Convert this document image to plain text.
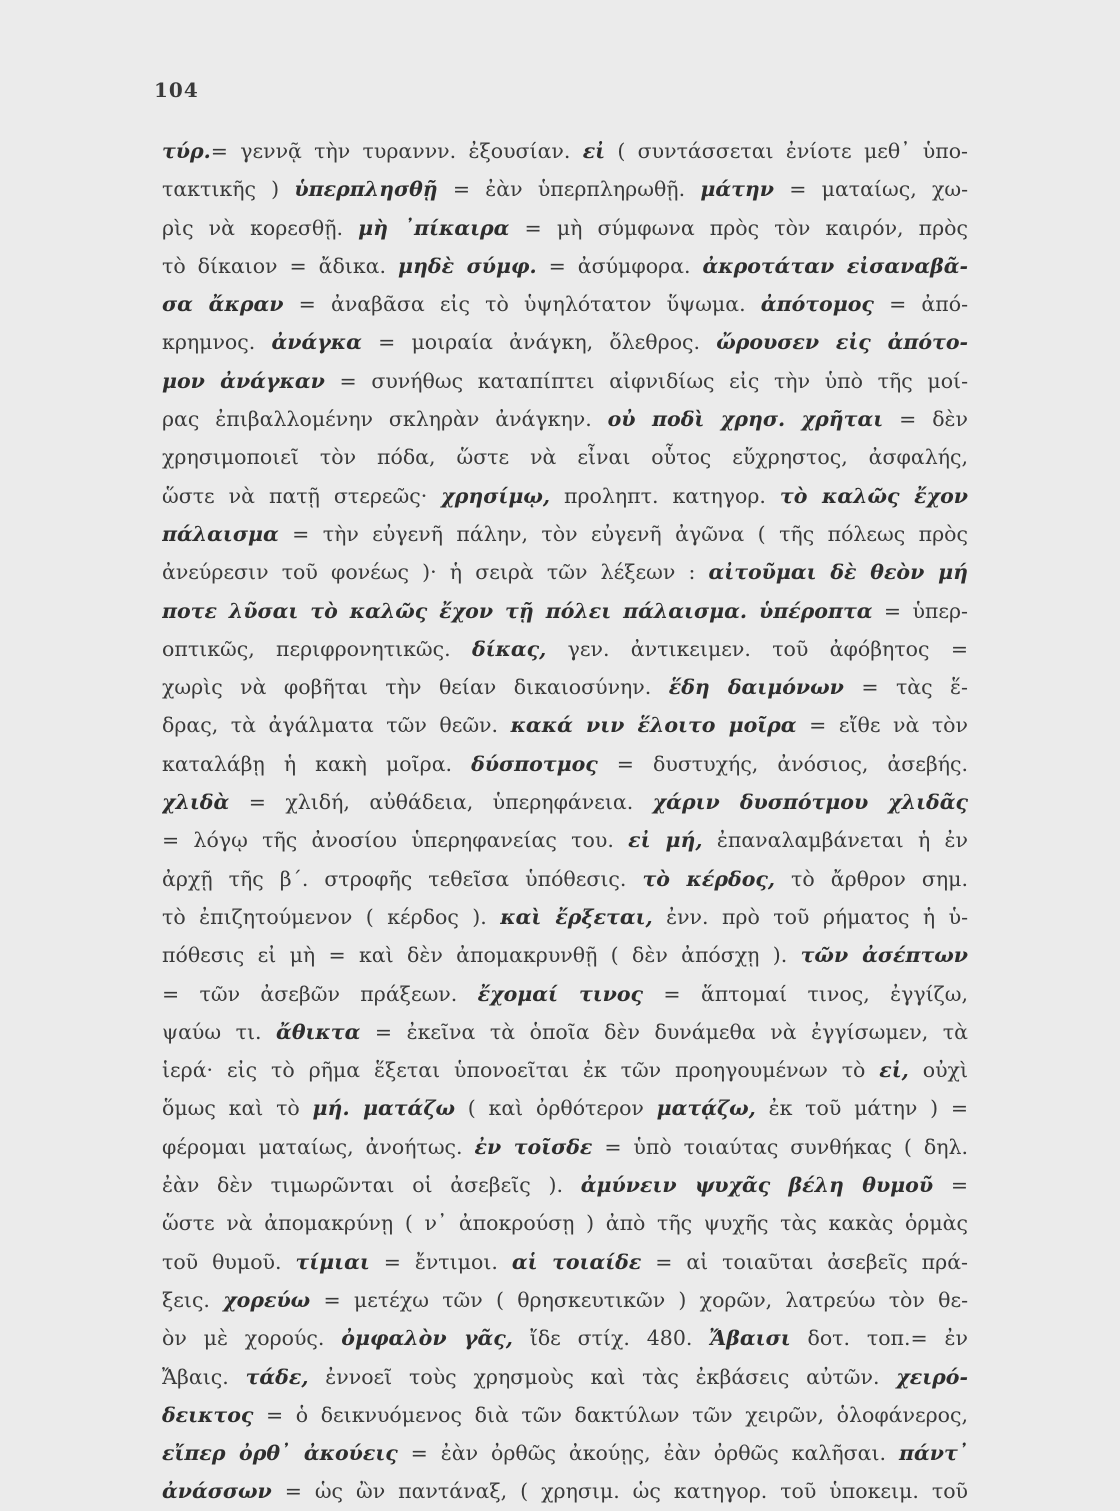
104
τύρ.= γεννᾷ τὴν τυραννν. ἐξουσίαν. εἰ ( συντάσσεται ἐνίοτε μεθ᾽ ὑπο-
τακτικῆς ) ὑπερπλησθῇ = ἐὰν ὑπερπληρωθῇ. μάτην = ματαίως, χω-
ρὶς νὰ κορεσθῇ. μὴ ᾽πίκαιρα = μὴ σύμφωνα πρὸς τὸν καιρόν, πρὸς
τὸ δίκαιον = ἄδικα. μηδὲ σύμφ. = ἀσύμφορα. ἀκροτάταν εἰσαναβᾶ-
σα ἄκραν = ἀναβᾶσα εἰς τὸ ὑψηλότατον ὕψωμα. ἀπότομος = ἀπό-
κρημνος. ἀνάγκα = μοιραία ἀνάγκη, ὄλεθρος. ὤρουσεν εἰς ἀπότο-
μον ἀνάγκαν = συνήθως καταπίπτει αἰφνιδίως εἰς τὴν ὑπὸ τῆς μοί-
ρας ἐπιβαλλομένην σκληρὰν ἀνάγκην. οὐ ποδὶ χρησ. χρῆται = δὲν
χρησιμοποιεῖ τὸν πόδα, ὥστε νὰ εἶναι οὗτος εὔχρηστος, ἀσφαλής,
ὥστε νὰ πατῇ στερεῶς· χρησίμῳ, προληπτ. κατηγορ. τὸ καλῶς ἔχον
πάλαισμα = τὴν εὐγενῆ πάλην, τὸν εὐγενῆ ἀγῶνα ( τῆς πόλεως πρὸς
ἀνεύρεσιν τοῦ φονέως )· ἡ σειρὰ τῶν λέξεων : αἰτοῦμαι δὲ θεὸν μή
ποτε λῦσαι τὸ καλῶς ἔχον τῇ πόλει πάλαισμα. ὑπέροπτα = ὑπερ-
οπτικῶς, περιφρονητικῶς. δίκας, γεν. ἀντικειμεν. τοῦ ἀφόβητος =
χωρὶς νὰ φοβῆται τὴν θείαν δικαιοσύνην. ἕδη δαιμόνων = τὰς ἕ-
δρας, τὰ ἀγάλματα τῶν θεῶν. κακά νιν ἕλοιτο μοῖρα = εἴθε νὰ τὸν
καταλάβῃ ἡ κακὴ μοῖρα. δύσποτμος = δυστυχής, ἀνόσιος, ἀσεβής.
χλιδὰ = χλιδή, αὐθάδεια, ὑπερηφάνεια. χάριν δυσπότμου χλιδᾶς
= λόγῳ τῆς ἀνοσίου ὑπερηφανείας του. εἰ μή, ἐπαναλαμβάνεται ἡ ἐν
ἀρχῇ τῆς β΄. στροφῆς τεθεῖσα ὑπόθεσις. τὸ κέρδος, τὸ ἄρθρον σημ.
τὸ ἐπιζητούμενον ( κέρδος ). καὶ ἔρξεται, ἐνν. πρὸ τοῦ ρήματος ἡ ὑ-
πόθεσις εἰ μὴ = καὶ δὲν ἀπομακρυνθῇ ( δὲν ἀπόσχῃ ). τῶν ἀσέπτων
= τῶν ἀσεβῶν πράξεων. ἔχομαί τινος = ἅπτομαί τινος, ἐγγίζω,
ψαύω τι. ἄθικτα = ἐκεῖνα τὰ ὁποῖα δὲν δυνάμεθα νὰ ἐγγίσωμεν, τὰ
ἱερά· εἰς τὸ ρῆμα ἕξεται ὑπονοεῖται ἐκ τῶν προηγουμένων τὸ εἰ, οὐχὶ
ὅμως καὶ τὸ μή. ματάζω ( καὶ ὀρθότερον ματᾴζω, ἐκ τοῦ μάτην ) =
φέρομαι ματαίως, ἀνοήτως. ἐν τοῖσδε = ὑπὸ τοιαύτας συνθήκας ( δηλ.
ἐὰν δὲν τιμωρῶνται οἱ ἀσεβεῖς ). ἀμύνειν ψυχᾶς βέλη θυμοῦ =
ὥστε νὰ ἀπομακρύνῃ ( ν᾽ ἀποκρούσῃ ) ἀπὸ τῆς ψυχῆς τὰς κακὰς ὁρμὰς
τοῦ θυμοῦ. τίμιαι = ἔντιμοι. αἱ τοιαίδε = αἱ τοιαῦται ἀσεβεῖς πρά-
ξεις. χορεύω = μετέχω τῶν ( θρησκευτικῶν ) χορῶν, λατρεύω τὸν θε-
ὸν μὲ χορούς. ὀμφαλὸν γᾶς, ἴδε στίχ. 480. Ἄβαισι δοτ. τοπ.= ἐν
Ἄβαις. τάδε, ἐννοεῖ τοὺς χρησμοὺς καὶ τὰς ἐκβάσεις αὐτῶν. χειρό-
δεικτος = ὁ δεικνυόμενος διὰ τῶν δακτύλων τῶν χειρῶν, ὁλοφάνερος,
εἴπερ ὀρθ᾽ ἀκούεις = ἐὰν ὀρθῶς ἀκούῃς, ἐὰν ὀρθῶς καλῆσαι. πάντ᾽
ἀνάσσων = ὡς ὢν παντάναξ, ( χρησιμ. ὡς κατηγορ. τοῦ ὑποκειμ. τοῦ
